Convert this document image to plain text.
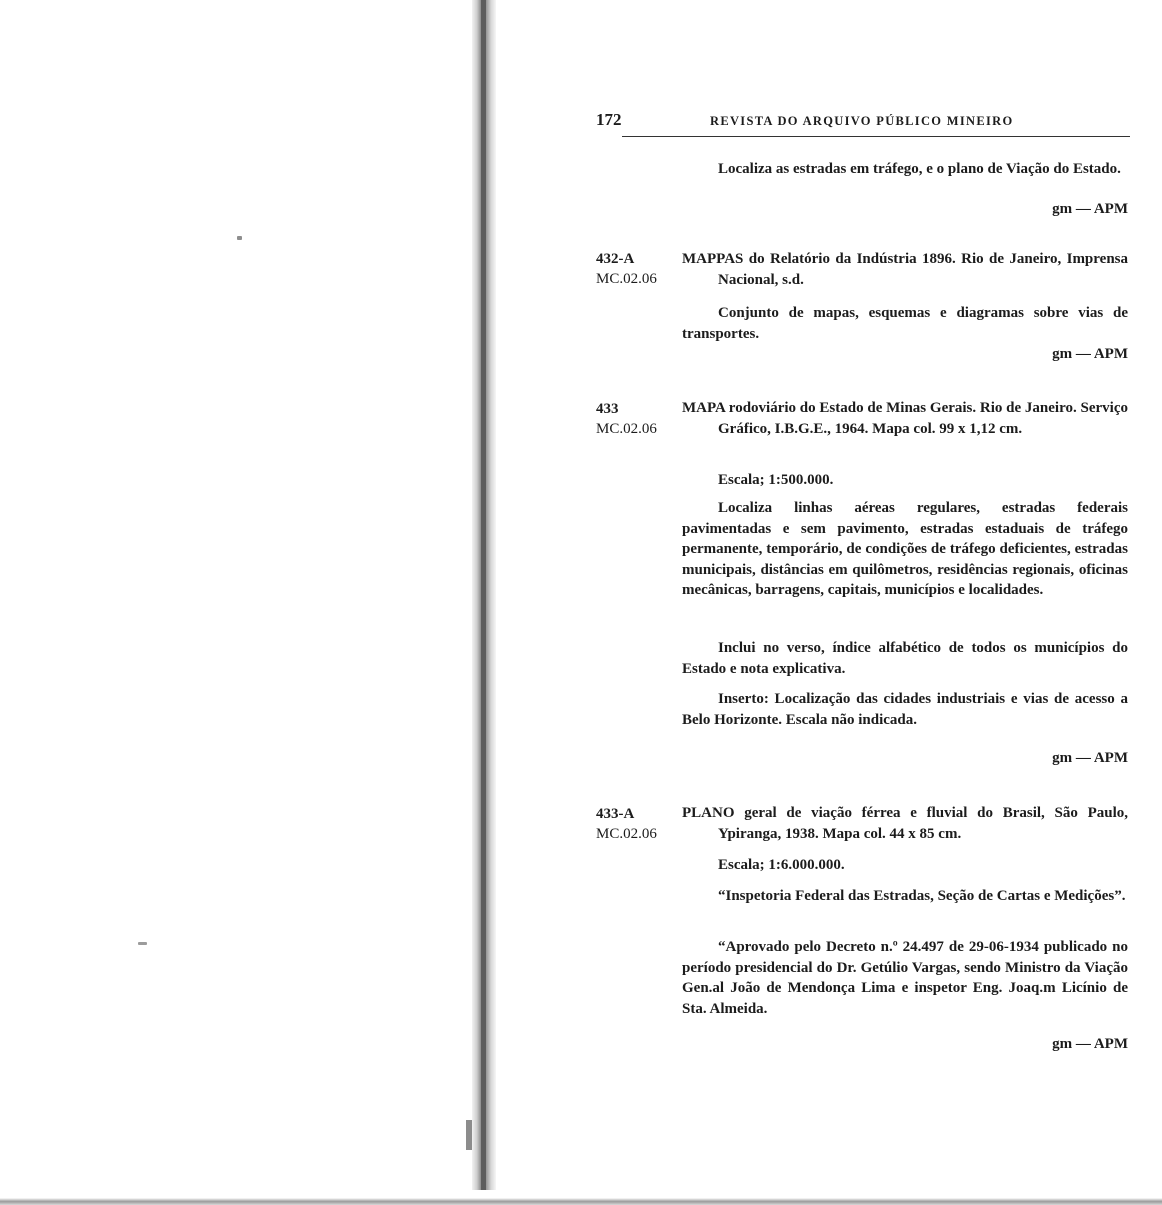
172	REVISTA DO ARQUIVO PÚBLICO MINEIRO

Localiza as estradas em tráfego, e o plano de Viação do Estado.

gm — APM
432-A
MC.02.06

MAPPAS do Relatório da Indústria 1896. Rio de Janeiro, Imprensa Nacional, s.d.

Conjunto de mapas, esquemas e diagramas sobre vias de transportes.

gm — APM
433
MC.02.06

MAPA rodoviário do Estado de Minas Gerais. Rio de Janeiro. Serviço Gráfico, I.B.G.E., 1964. Mapa col. 99 x 1,12 cm.

Escala; 1:500.000.

Localiza linhas aéreas regulares, estradas federais pavimentadas e sem pavimento, estradas estaduais de tráfego permanente, temporário, de condições de tráfego deficientes, estradas municipais, distâncias em quilômetros, residências regionais, oficinas mecânicas, barragens, capitais, municípios e localidades.

Inclui no verso, índice alfabético de todos os municípios do Estado e nota explicativa.

Inserto: Localização das cidades industriais e vias de acesso a Belo Horizonte. Escala não indicada.

gm — APM
433-A
MC.02.06

PLANO geral de viação férrea e fluvial do Brasil, São Paulo, Ypiranga, 1938. Mapa col. 44 x 85 cm.

Escala; 1:6.000.000.

“Inspetoria Federal das Estradas, Seção de Cartas e Medições”.

“Aprovado pelo Decreto n.º 24.497 de 29-06-1934 publicado no período presidencial do Dr. Getúlio Vargas, sendo Ministro da Viação Gen.al João de Mendonça Lima e inspetor Eng. Joaq.m Licínio de Sta. Almeida.

gm — APM
